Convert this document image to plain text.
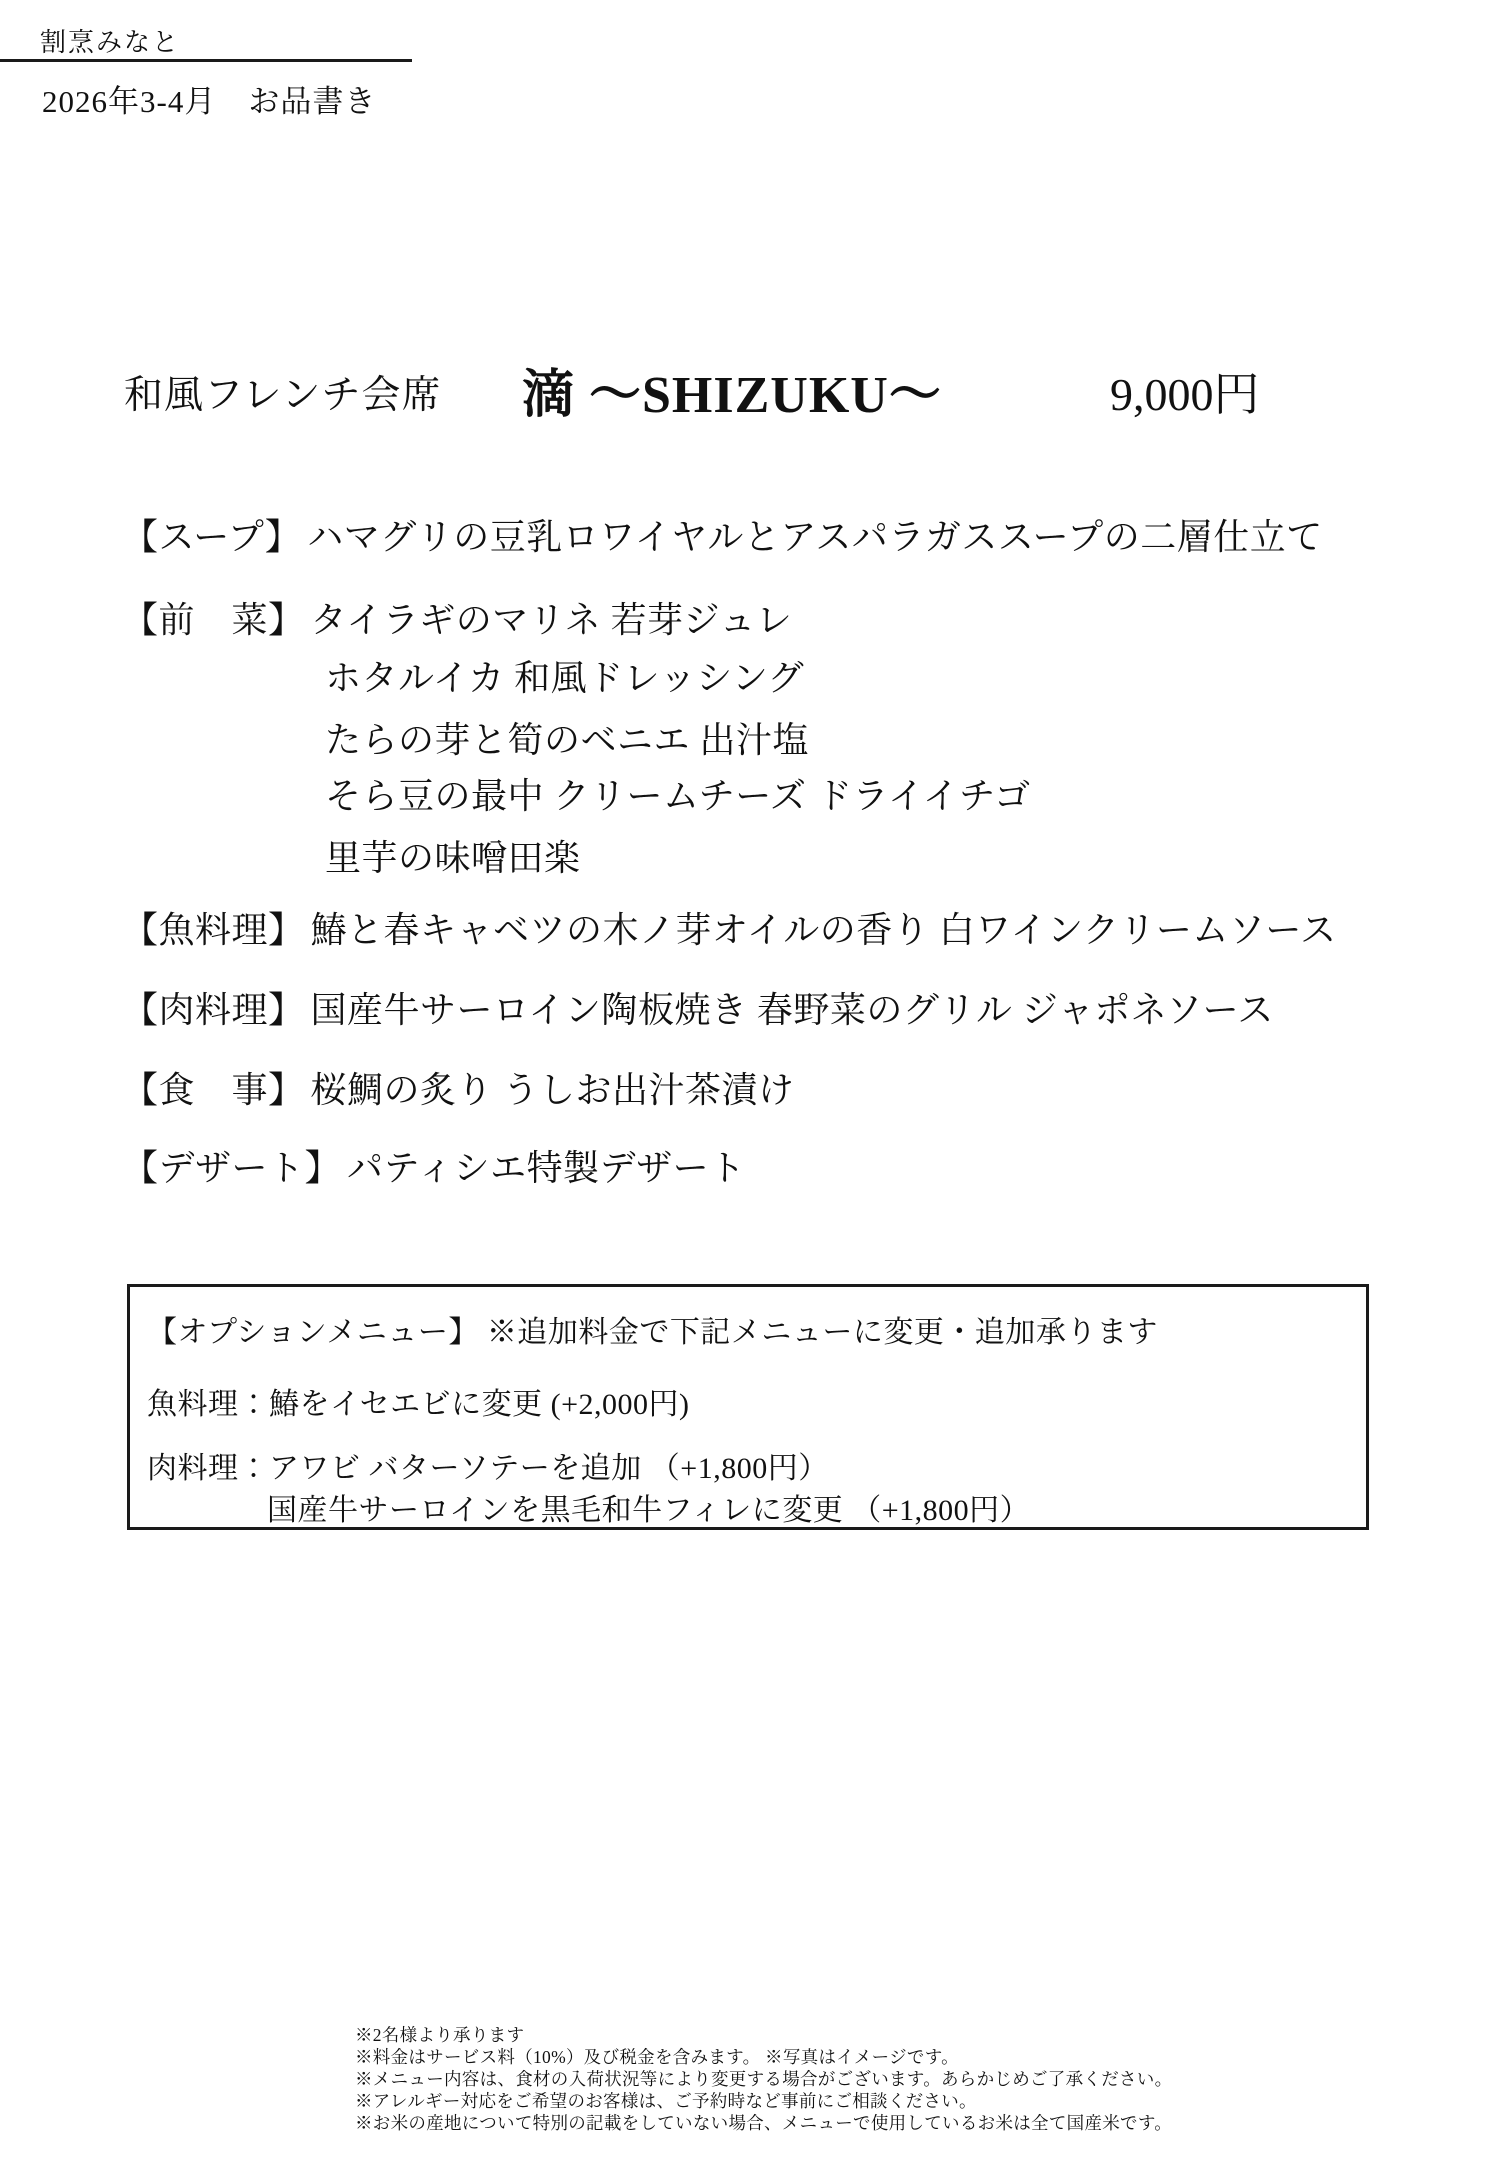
割烹みなと
2026年3-4月　お品書き
和風フレンチ会席 滴 ～SHIZUKU～	9,000円
【スープ】 ハマグリの豆乳ロワイヤルとアスパラガススープの二層仕立て
【前　菜】 タイラギのマリネ 若芽ジュレ
ホタルイカ 和風ドレッシング
たらの芽と筍のベニエ 出汁塩
そら豆の最中 クリームチーズ ドライイチゴ
里芋の味噌田楽
【魚料理】 鰆と春キャベツの木ノ芽オイルの香り 白ワインクリームソース
【肉料理】 国産牛サーロイン陶板焼き 春野菜のグリル ジャポネソース
【食　事】 桜鯛の炙り うしお出汁茶漬け
【デザート】 パティシエ特製デザート
【オプションメニュー】 ※追加料金で下記メニューに変更・追加承ります
魚料理：鰆をイセエビに変更 (+2,000円)
肉料理：アワビ バターソテーを追加 （+1,800円）
国産牛サーロインを黒毛和牛フィレに変更 （+1,800円）
※2名様より承ります
※料金はサービス料（10%）及び税金を含みます。 ※写真はイメージです。
※メニュー内容は、食材の入荷状況等により変更する場合がございます。あらかじめご了承ください。
※アレルギー対応をご希望のお客様は、ご予約時など事前にご相談ください。
※お米の産地について特別の記載をしていない場合、メニューで使用しているお米は全て国産米です。
